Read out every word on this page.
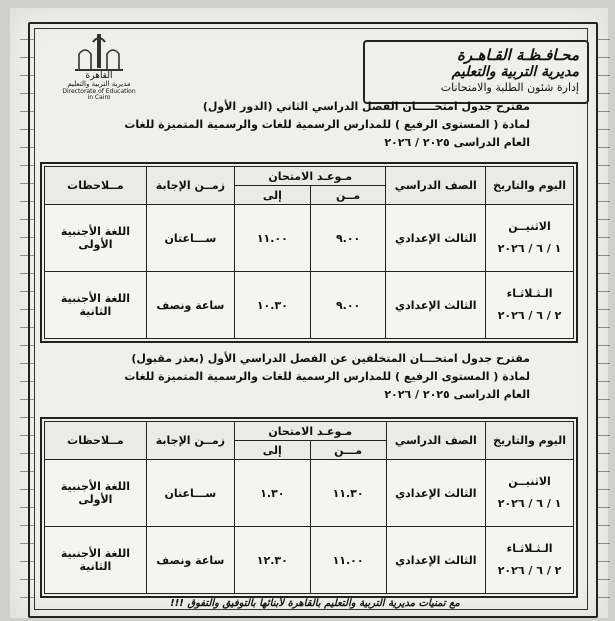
محـافـظـة القـاهـرة
مديرية التربية والتعليم
إدارة شئون الطلبة والامتحانات
القاهرة
مديرية التربية والتعليم
Directorate of Education in Cairo
مقترح جدول امتحـــــان الفصل الدراسي الثاني (الدور الأول)
لمادة ( المستوى الرفيع ) للمدارس الرسمية للغات والرسمية المتميزة للغات
العام الدراسى ٢٠٢٥ / ٢٠٢٦
اليوم والتاريخ	الصف الدراسي	مـوعـد الامتحان		زمــن الإجابة	مــلاحظات
		مــن	إلى		

الاثنيــن
١ / ٦ / ٢٠٢٦	الثالث الإعدادي	٩.٠٠	١١.٠٠	ســـاعتان	اللغة الأجنبية الأولى

الـثـلاثـاء
٢ / ٦ / ٢٠٢٦	الثالث الإعدادي	٩.٠٠	١٠.٣٠	ساعة ونصف	اللغة الأجنبية الثانية
مقترح جدول امتحـــان المتخلفين عن الفصل الدراسي الأول (بعذر مقبول)
لمادة ( المستوى الرفيع ) للمدارس الرسمية للغات والرسمية المتميزة للغات
العام الدراسى ٢٠٢٥ / ٢٠٢٦
اليوم والتاريخ	الصف الدراسي	مـوعـد الامتحان		زمــن الإجابة	مــلاحظات
		مـــن	إلى		

الاثنيــن
١ / ٦ / ٢٠٢٦	الثالث الإعدادي	١١.٣٠	١.٣٠	ســـاعتان	اللغة الأجنبية الأولى

الـثـلاثـاء
٢ / ٦ / ٢٠٢٦	الثالث الإعدادي	١١.٠٠	١٢.٣٠	ساعة ونصف	اللغة الأجنبية الثانية
مع تمنيات مديرية التربية والتعليم بالقاهرة لأبنائها بالتوفيق والتفوق !!!
